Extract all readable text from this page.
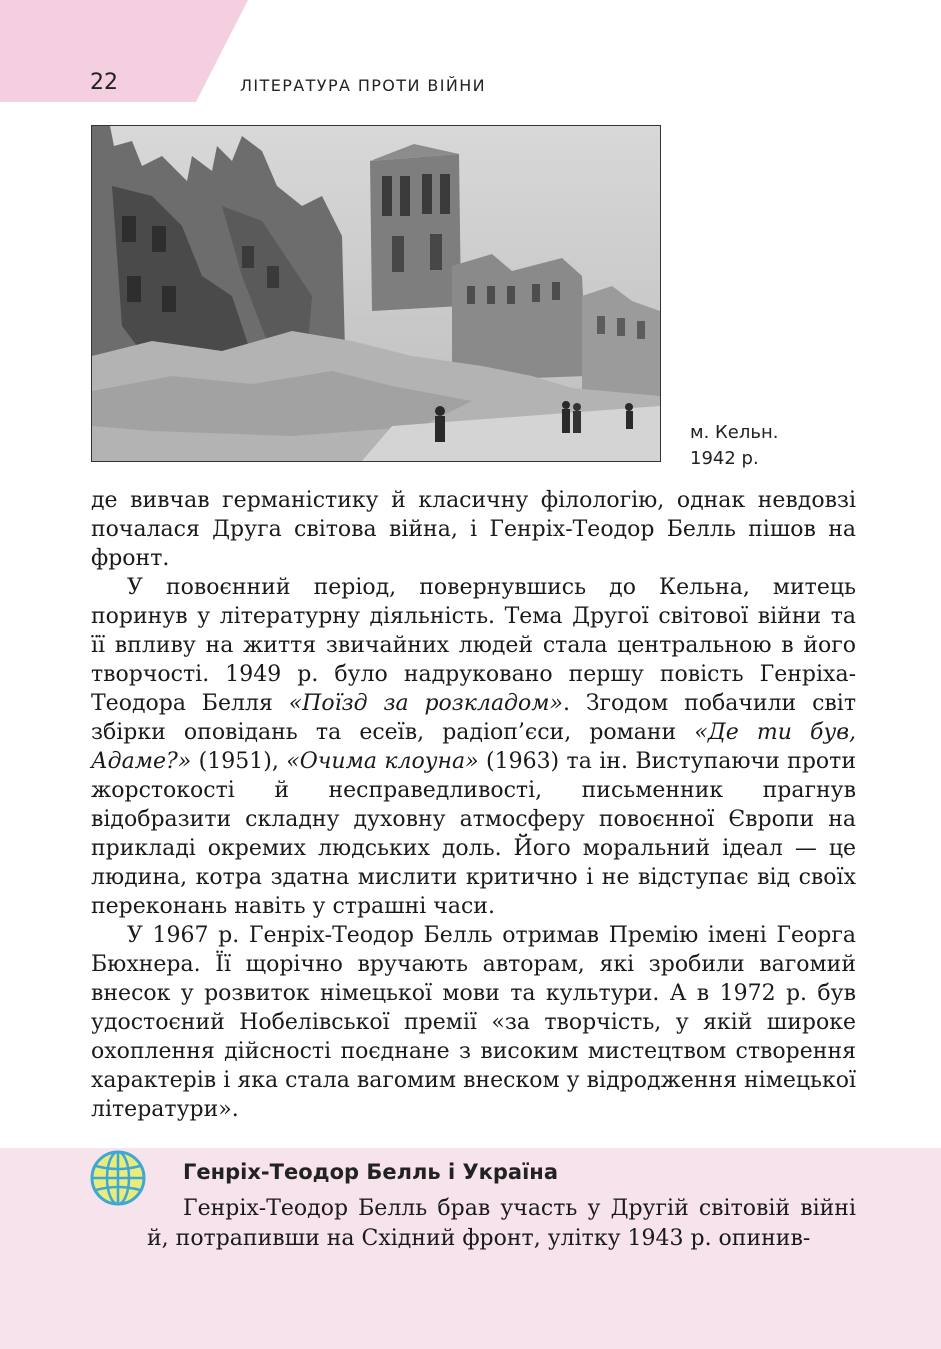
22	ЛІТЕРАТУРА ПРОТИ ВІЙНИ
м. Кельн.
1942 р.

де вивчав германістику й класичну філологію, однак невдовзі почалася Друга світова війна, і Генріх-Теодор Белль пішов на фронт.

У повоєнний період, повернувшись до Кельна, митець поринув у літературну діяльність. Тема Другої світової війни та її впливу на життя звичайних людей стала центральною в його творчості. 1949 р. було надруковано першу повість Генріха-Теодора Белля «Поїзд за розкладом». Згодом побачили світ збірки оповідань та есеїв, радіоп’єси, романи «Де ти був, Адаме?» (1951), «Очима клоуна» (1963) та ін. Виступаючи проти жорстокості й несправедливості, письменник прагнув відобразити складну духовну атмосферу повоєнної Європи на прикладі окремих людських доль. Його моральний ідеал — це людина, котра здатна мислити критично і не відступає від своїх переконань навіть у страшні часи.

У 1967 р. Генріх-Теодор Белль отримав Премію імені Георга Бюхнера. Її щорічно вручають авторам, які зробили вагомий внесок у розвиток німецької мови та культури. А в 1972 р. був удостоєний Нобелівської премії «за творчість, у якій широке охоплення дійсності поєднане з високим мистецтвом створення характерів і яка стала вагомим внеском у відродження німецької літератури».

Генріх-Теодор Белль і Україна

Генріх-Теодор Белль брав участь у Другій світовій війні й, потрапивши на Східний фронт, улітку 1943 р. опинив-
